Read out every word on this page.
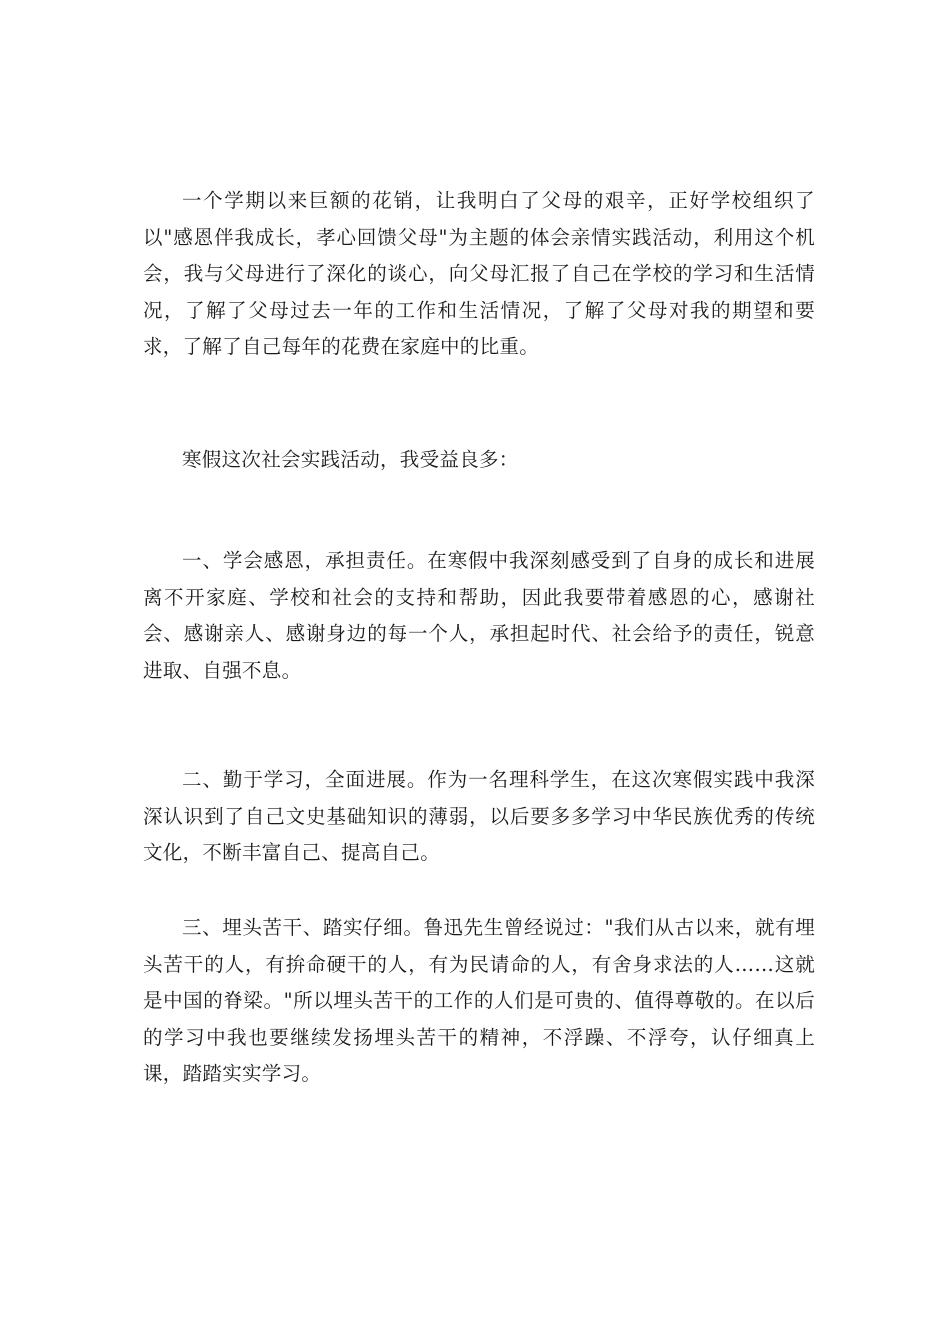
一个学期以来巨额的花销，让我明白了父母的艰辛，正好学校组织了以"感恩伴我成长，孝心回馈父母"为主题的体会亲情实践活动，利用这个机会，我与父母进行了深化的谈心，向父母汇报了自己在学校的学习和生活情况，了解了父母过去一年的工作和生活情况，了解了父母对我的期望和要求，了解了自己每年的花费在家庭中的比重。

寒假这次社会实践活动，我受益良多：

一、学会感恩，承担责任。在寒假中我深刻感受到了自身的成长和进展离不开家庭、学校和社会的支持和帮助，因此我要带着感恩的心，感谢社会、感谢亲人、感谢身边的每一个人，承担起时代、社会给予的责任，锐意进取、自强不息。

二、勤于学习，全面进展。作为一名理科学生，在这次寒假实践中我深深认识到了自己文史基础知识的薄弱，以后要多多学习中华民族优秀的传统文化，不断丰富自己、提高自己。

三、埋头苦干、踏实仔细。鲁迅先生曾经说过："我们从古以来，就有埋头苦干的人，有拚命硬干的人，有为民请命的人，有舍身求法的人……这就是中国的脊梁。"所以埋头苦干的工作的人们是可贵的、值得尊敬的。在以后的学习中我也要继续发扬埋头苦干的精神，不浮躁、不浮夸，认仔细真上课，踏踏实实学习。
